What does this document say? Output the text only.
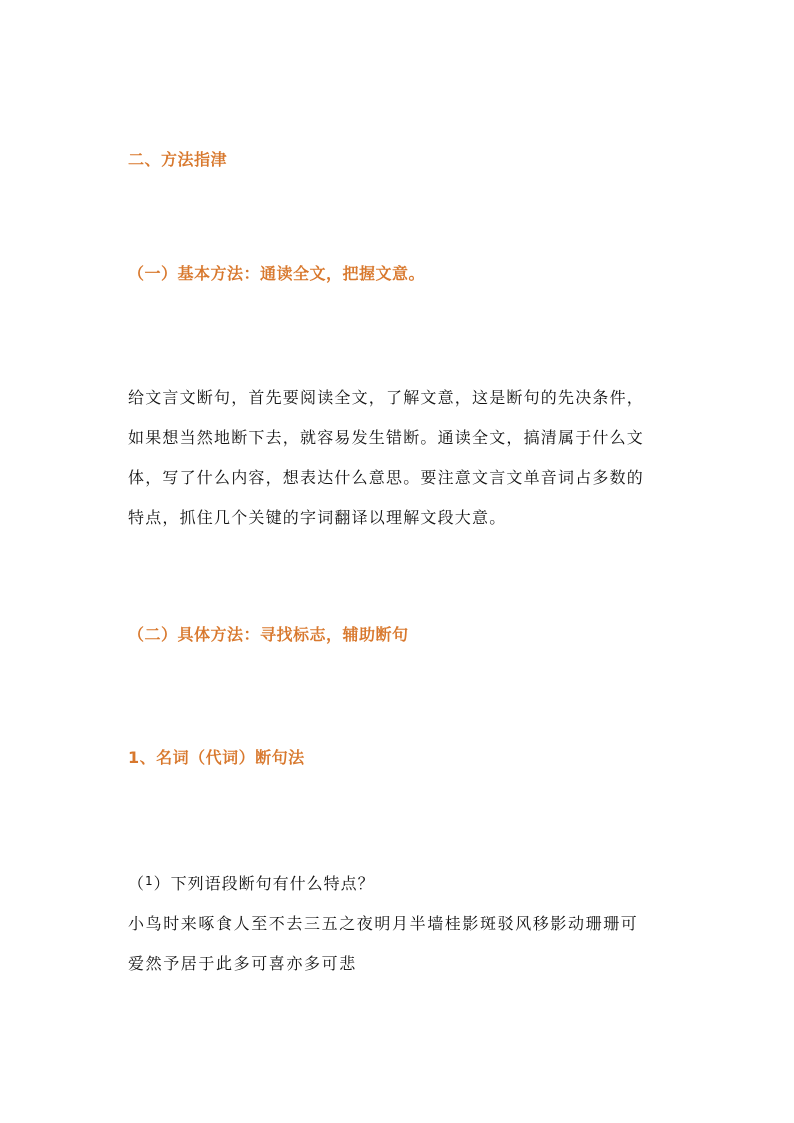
二、方法指津
（一）基本方法：通读全文，把握文意。
给文言文断句，首先要阅读全文，了解文意，这是断句的先决条件，
如果想当然地断下去，就容易发生错断。通读全文，搞清属于什么文
体，写了什么内容，想表达什么意思。要注意文言文单音词占多数的
特点，抓住几个关键的字词翻译以理解文段大意。
（二）具体方法：寻找标志，辅助断句
1、名词（代词）断句法
（$^1$）下列语段断句有什么特点？
小鸟时来啄食人至不去三五之夜明月半墙桂影斑驳风移影动珊珊可
爱然予居于此多可喜亦多可悲
